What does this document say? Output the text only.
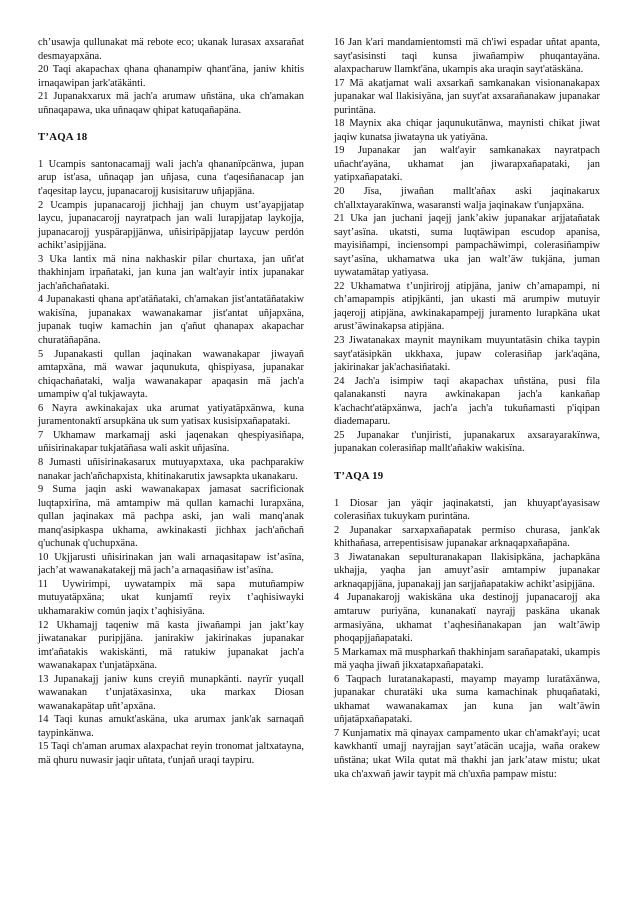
ch’usawja qullunakat mä rebote eco; ukanak lurasax axsarañat desmayapxäna.

20 Taqi akapachax qhana qhanampiw qhant'äna, janiw khitis irnaqawipan jark'atäkänti.

21 Jupanakxarux mä jach'a arumaw uñstäna, uka ch'amakan uñnaqapawa, uka uñnaqaw qhipat katuqañapäna.

T’AQA 18

1 Ucampis santonacamajj wali jach'a qhananïpcänwa, jupan arup ist'asa, uñnaqap jan uñjasa, cuna t'aqesiñanacap jan t'aqesitap laycu, jupanacarojj kusisitaruw uñjapjäna.

2 Ucampis jupanacarojj jichhajj jan chuym ust’ayapjjatap laycu, jupanacarojj nayratpach jan wali lurapjjatap laykojja, jupanacarojj yuspärapjjänwa, uñisiripäpjjatap laycuw perdón achikt’asipjjäna.

3 Uka lantix mä nina nakhaskir pilar churtaxa, jan uñt'at thakhinjam irpañataki, jan kuna jan walt'ayir intix jupanakar jach'añchañataki.

4 Jupanakasti qhana apt'atäñataki, ch'amakan jist'antatäñatakiw wakisïna, jupanakax wawanakamar jist'antat uñjapxäna, jupanak tuqiw kamachin jan q'añut qhanapax akapachar churatäñapäna.

5 Jupanakasti qullan jaqinakan wawanakapar jiwayañ amtapxäna, mä wawar jaqunukuta, qhispiyasa, jupanakar chiqachañataki, walja wawanakapar apaqasin mä jach'a umampiw q'al tukjawayta.

6 Nayra awkinakajax uka arumat yatiyatäpxänwa, kuna juramentonaktï arsupkäna uk sum yatisax kusisipxañapataki.

7 Ukhamaw markamajj aski jaqenakan qhespiyasiñapa, uñisirinakapar tukjatäñasa wali askit uñjasïna.

8 Jumasti uñisirinakasarux mutuyapxtaxa, uka pachparakiw nanakar jach'añchapxista, khitinakarutix jawsapkta ukanakaru.

9 Suma jaqin aski wawanakapax jamasat sacrificionak luqtapxirïna, mä amtampiw mä qullan kamachi lurapxäna, qullan jaqinakax mä pachpa aski, jan wali manq'anak manq'asipkaspa ukhama, awkinakasti jichhax jach'añchañ q'uchunak q'uchupxäna.

10 Ukjjarusti uñisirinakan jan wali arnaqasitapaw ist’asïna, jach’at wawanakatakejj mä jach’a arnaqasiñaw ist’asïna.

11 Uywirimpi, uywatampix mä sapa mutuñampiw mutuyatäpxäna; ukat kunjamtï reyix t’aqhisiwayki ukhamarakiw común jaqix t’aqhisiyäna.

12 Ukhamajj taqeniw mä kasta jiwañampi jan jakt’kay jiwatanakar puripjjäna. janirakiw jakirinakas jupanakar imt'añatakis wakiskänti, mä ratukiw jupanakat jach'a wawanakapax t'unjatäpxäna.

13 Jupanakajj janiw kuns creyiñ munapkänti. nayrïr yuqall wawanakan t’unjatäxasinxa, uka markax Diosan wawanakapätap uñt’apxäna.

14 Taqi kunas amukt'askäna, uka arumax jank'ak sarnaqañ taypinkänwa.

15 Taqi ch'aman arumax alaxpachat reyin tronomat jaltxatayna, mä qhuru nuwasir jaqir uñtata, t'unjañ uraqi taypiru.

16 Jan k'ari mandamientomsti mä ch'iwi espadar uñtat apanta, sayt'asisinsti taqi kunsa jiwañampiw phuqantayäna. alaxpacharuw llamkt'äna, ukampis aka uraqin sayt'atäskäna.

17 Mä akatjamat wali axsarkañ samkanakan visionanakapax jupanakar wal llakisiyäna, jan suyt'at axsarañanakaw jupanakar purintäna.

18 Maynix aka chiqar jaqunukutänwa, maynisti chikat jiwat jaqiw kunatsa jiwatayna uk yatiyäna.

19 Jupanakar jan walt'ayir samkanakax nayratpach uñacht'ayäna, ukhamat jan jiwarapxañapataki, jan yatipxañapataki.

20 Jïsa, jiwañan mallt'añax aski jaqinakarux ch'allxtayarakïnwa, wasaransti walja jaqinakaw t'unjapxäna.

21 Uka jan juchani jaqejj jank’akiw jupanakar arjjatañatak sayt’asïna. ukatsti, suma luqtäwipan escudop apanisa, mayisiñampi, inciensompi pampachäwimpi, colerasiñampiw sayt’asïna, ukhamatwa uka jan walt’äw tukjäna, juman uywatamätap yatiyasa.

22 Ukhamatwa t’unjirirojj atipjäna, janiw ch’amapampi, ni ch’amapampis atipjkänti, jan ukasti mä arumpiw mutuyir jaqerojj atipjäna, awkinakapampejj juramento lurapkäna ukat arust’äwinakapsa atipjäna.

23 Jiwatanakax maynit maynikam muyuntatäsin chika taypin sayt'atäsipkän ukkhaxa, jupaw colerasiñap jark'aqäna, jakirinakar jak'achasiñataki.

24 Jach'a isimpiw taqi akapachax uñstäna, pusi fila qalanakansti nayra awkinakapan jach'a kankañap k'achacht'atäpxänwa, jach'a jach'a tukuñamasti p'iqipan diademaparu.

25 Jupanakar t'unjiristi, jupanakarux axsarayarakïnwa, jupanakan colerasiñap mallt'añakiw wakisïna.

T’AQA 19

1 Diosar jan yäqir jaqinakatsti, jan khuyapt'ayasisaw colerasiñax tukuykam purintäna.

2 Jupanakar sarxapxañapatak permiso churasa, jank'ak khithañasa, arrepentisisaw jupanakar arknaqapxañapäna.

3 Jiwatanakan sepulturanakapan llakisipkäna, jachapkäna ukhajja, yaqha jan amuyt’asir amtampiw jupanakar arknaqapjjäna, jupanakajj jan sarjjañapatakiw achikt’asipjjäna.

4 Jupanakarojj wakiskäna uka destinojj jupanacarojj aka amtaruw puriyäna, kunanakatï nayrajj paskäna ukanak armasiyäna, ukhamat t’aqhesiñanakapan jan walt’äwip phoqapjjañapataki.

5 Markamax mä muspharkañ thakhinjam sarañapataki, ukampis mä yaqha jiwañ jikxatapxañapataki.

6 Taqpach luratanakapasti, mayamp mayamp luratäxänwa, jupanakar churatäki uka suma kamachinak phuqañataki, ukhamat wawanakamax jan kuna jan walt’äwin uñjatäpxañapataki.

7 Kunjamatix mä qinayax campamento ukar ch'amakt'ayi; ucat kawkhantï umajj nayrajjan sayt’atäcän ucajja, waña orakew uñstäna; ukat Wila qutat mä thakhi jan jark’ataw mistu; ukat uka ch'axwañ jawir taypit mä ch'uxña pampaw mistu:
